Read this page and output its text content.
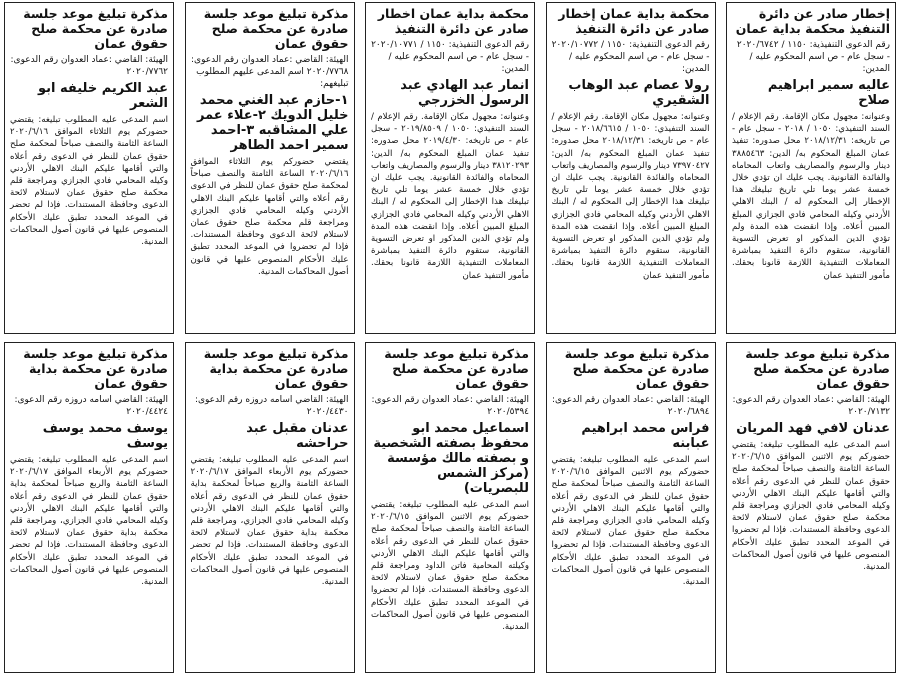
إخطار صادر عن دائرة التنفيذ محكمة بداية عمان
رقم الدعوى التنفيذية: ١١٥٠ / ٢٠٢٠/٦٧٤٢ - سجل عام - ص اسم المحكوم عليه / المدين:
عاليه سمير ابراهيم صلاح
وعنوانه: مجهول مكان الإقامة. رقم الإعلام / السند التنفيذي: ١٠٥٠ / ٢٠١٨ - سجل عام - ص تاريخه: ٢٠١٨/١٢/٣١ محل صدوره: تنفيذ عمان المبلغ المحكوم به/ الدين: ٣٨٨٥٤٦٣ دينار والرسوم والمصاريف واتعاب المحاماه والفائدة القانونية. يجب عليك ان تؤدي خلال خمسة عشر يوما تلي تاريخ تبليغك هذا الإخطار إلى المحكوم له / البنك الاهلي الأردني وكيله المحامي فادي الجزازي المبلغ المبين أعلاه. وإذا انقضت هذه المدة ولم تؤدي الدين المذكور او تعرض التسوية القانونية، ستقوم دائرة التنفيذ بمباشرة المعاملات التنفيذية اللازمة قانونا بحقك. مأمور التنفيذ عمان
محكمة بداية عمان إخطار صادر عن دائرة التنفيذ
رقم الدعوى التنفيذية: ١١٥٠ / ٢٠٢٠/١٠٧٧٢ - سجل عام - ص اسم المحكوم عليه / المدين:
رولا عصام عبد الوهاب الشقيري
وعنوانه: مجهول مكان الإقامة. رقم الإعلام / السند التنفيذي: ١٠٥٠ / ٢٠١٨/٦٦١٥ - سجل عام - ص تاريخه: ٢٠١٨/١٢/٣١ محل صدوره: تنفيذ عمان المبلغ المحكوم به/ الدين: ٧٣٩٧٠٤٢٧ دينار والرسوم والمصاريف واتعاب المحاماه والفائدة القانونية. يجب عليك ان تؤدي خلال خمسة عشر يوما تلي تاريخ تبليغك هذا الإخطار إلى المحكوم له / البنك الاهلي الأردني وكيله المحامي فادي الجزازي المبلغ المبين أعلاه. وإذا انقضت هذه المدة ولم تؤدي الدين المذكور او تعرض التسوية القانونية، ستقوم دائرة التنفيذ بمباشرة المعاملات التنفيذية اللازمة قانونا بحقك. مأمور التنفيذ عمان
محكمة بداية عمان اخطار صادر عن دائرة التنفيذ
رقم الدعوى التنفيذية: ١١٥٠ / ٢٠٢٠/١٠٧٧١ - سجل عام - ص اسم المحكوم عليه / المدين:
انمار عبد الهادي عبد الرسول الخزرجي
وعنوانه: مجهول مكان الإقامة. رقم الإعلام / السند التنفيذي: ١٠٥٠ / ٢٠١٩/٨٥٠٩ - سجل عام - ص تاريخه: ٢٠١٩/٤/٣٠ محل صدوره: تنفيذ عمان المبلغ المحكوم به/ الدين: ٣٨١٢٠٢٩٣ دينار والرسوم والمصاريف واتعاب المحاماه والفائدة القانونية. يجب عليك ان تؤدي خلال خمسة عشر يوما تلي تاريخ تبليغك هذا الإخطار إلى المحكوم له / البنك الاهلي الأردني وكيله المحامي فادي الجزازي المبلغ المبين أعلاه. وإذا انقضت هذه المدة ولم تؤدي الدين المذكور او تعرض التسوية القانونية، ستقوم دائرة التنفيذ بمباشرة المعاملات التنفيذية اللازمة قانونا بحقك. مأمور التنفيذ عمان
مذكرة تبليغ موعد جلسة صادرة عن محكمة صلح حقوق عمان
الهيئة: القاضي :عماد العدوان رقم الدعوى: ٢٠٢٠/٧٧٦٨ اسم المدعى عليهم المطلوب تبليغهم:
١-حازم عبد الغني محمد خليل الدويك ٢-علاء عمر علي المشاقبه ٣-احمد سمير احمد الطاهر
يقتضي حضوركم يوم الثلاثاء الموافق ٢٠٢٠/٦/١٦ الساعة الثامنة والنصف صباحاً لمحكمة صلح حقوق عمان للنظر في الدعوى رقم أعلاه والتي أقامها عليكم البنك الاهلي الأردني وكيله المحامي فادي الجزازي ومراجعة قلم محكمة صلح حقوق عمان لاستلام لائحة الدعوى وحافظة المستندات. فإذا لم تحضروا في الموعد المحدد تطبق عليك الأحكام المنصوص عليها في قانون أصول المحاكمات المدنية.
مذكرة تبليغ موعد جلسة صادرة عن محكمة صلح حقوق عمان
الهيئة: القاضي :عماد العدوان رقم الدعوى: ٢٠٢٠/٧٧٦٢
عبد الكريم خليفه ابو الشعر
اسم المدعى عليه المطلوب تبليغه: يقتضي حضوركم يوم الثلاثاء الموافق ٢٠٢٠/٦/١٦ الساعة الثامنة والنصف صباحاً لمحكمة صلح حقوق عمان للنظر في الدعوى رقم أعلاه والتي أقامها عليكم البنك الاهلي الأردني وكيله المحامي فادي الجزازي ومراجعة قلم محكمة صلح حقوق عمان لاستلام لائحة الدعوى وحافظة المستندات. فإذا لم تحضر في الموعد المحدد تطبق عليك الأحكام المنصوص عليها في قانون أصول المحاكمات المدنية.
مذكرة تبليغ موعد جلسة صادرة عن محكمة صلح حقوق عمان
الهيئة: القاضي :عماد العدوان رقم الدعوى: ٢٠٢٠/٧١٣٢
عدنان لافي فهد المريان
اسم المدعى عليه المطلوب تبليغه: يقتضي حضوركم يوم الاثنين الموافق ٢٠٢٠/٦/١٥ الساعة الثامنة والنصف صباحاً لمحكمة صلح حقوق عمان للنظر في الدعوى رقم أعلاه والتي أقامها عليكم البنك الاهلي الأردني وكيله المحامي فادي الجزازي ومراجعة قلم محكمة صلح حقوق عمان لاستلام لائحة الدعوى وحافظة المستندات. فإذا لم تحضروا في الموعد المحدد تطبق عليك الأحكام المنصوص عليها في قانون أصول المحاكمات المدنية.
مذكرة تبليغ موعد جلسة صادرة عن محكمة صلح حقوق عمان
الهيئة: القاضي :عماد العدوان رقم الدعوى: ٢٠٢٠/٦٨٩٤
فراس محمد ابراهيم عبابنه
اسم المدعى عليه المطلوب تبليغه: يقتضي حضوركم يوم الاثنين الموافق ٢٠٢٠/٦/١٥ الساعة الثامنة والنصف صباحاً لمحكمة صلح حقوق عمان للنظر في الدعوى رقم أعلاه والتي أقامها عليكم البنك الاهلي الأردني وكيله المحامي فادي الجزازي ومراجعة قلم محكمة صلح حقوق عمان لاستلام لائحة الدعوى وحافظة المستندات. فإذا لم تحضروا في الموعد المحدد تطبق عليك الأحكام المنصوص عليها في قانون أصول المحاكمات المدنية.
مذكرة تبليغ موعد جلسة صادرة عن محكمة صلح حقوق عمان
الهيئة: القاضي :عماد العدوان رقم الدعوى: ٢٠٢٠/٥٣٩٤
اسماعيل محمد ابو محفوظ بصفته الشخصية و بصفته مالك مؤسسة (مركز الشمس للبصريات)
اسم المدعى عليه المطلوب تبليغه: يقتضي حضوركم يوم الاثنين الموافق ٢٠٢٠/٦/١٥ الساعة الثامنة والنصف صباحاً لمحكمة صلح حقوق عمان للنظر في الدعوى رقم أعلاه والتي أقامها عليكم البنك الاهلي الأردني وكيلته المحامية فاتن الداود ومراجعة قلم محكمة صلح حقوق عمان لاستلام لائحة الدعوى وحافظة المستندات. فإذا لم تحضروا في الموعد المحدد تطبق عليك الأحكام المنصوص عليها في قانون أصول المحاكمات المدنية.
مذكرة تبليغ موعد جلسة صادرة عن محكمة بداية حقوق عمان
الهيئة: القاضي اسامه دروزه رقم الدعوى: ٢٠٢٠/٤٤٣٠
عدنان مقبل عبد حراحشه
اسم المدعى عليه المطلوب تبليغه: يقتضي حضوركم يوم الأربعاء الموافق ٢٠٢٠/٦/١٧ الساعة الثامنة والربع صباحاً لمحكمة بداية حقوق عمان للنظر في الدعوى رقم أعلاه والتي أقامها عليكم البنك الاهلي الأردني وكيله المحامي فادي الجزازي، ومراجعة قلم محكمة بداية حقوق عمان لاستلام لائحة الدعوى وحافظة المستندات. فإذا لم تحضر في الموعد المحدد تطبق عليك الأحكام المنصوص عليها في قانون أصول المحاكمات المدنية.
مذكرة تبليغ موعد جلسة صادرة عن محكمة بداية حقوق عمان
الهيئة: القاضي اسامه دروزه رقم الدعوى: ٢٠٢٠/٤٤٢٤
يوسف محمد يوسف يوسف
اسم المدعى عليه المطلوب تبليغه: يقتضي حضوركم يوم الأربعاء الموافق ٢٠٢٠/٦/١٧ الساعة الثامنة والربع صباحاً لمحكمة بداية حقوق عمان للنظر في الدعوى رقم أعلاه والتي أقامها عليكم البنك الاهلي الأردني وكيله المحامي فادي الجزازي، ومراجعة قلم محكمة بداية حقوق عمان لاستلام لائحة الدعوى وحافظة المستندات. فإذا لم تحضر في الموعد المحدد تطبق عليك الأحكام المنصوص عليها في قانون أصول المحاكمات المدنية.
